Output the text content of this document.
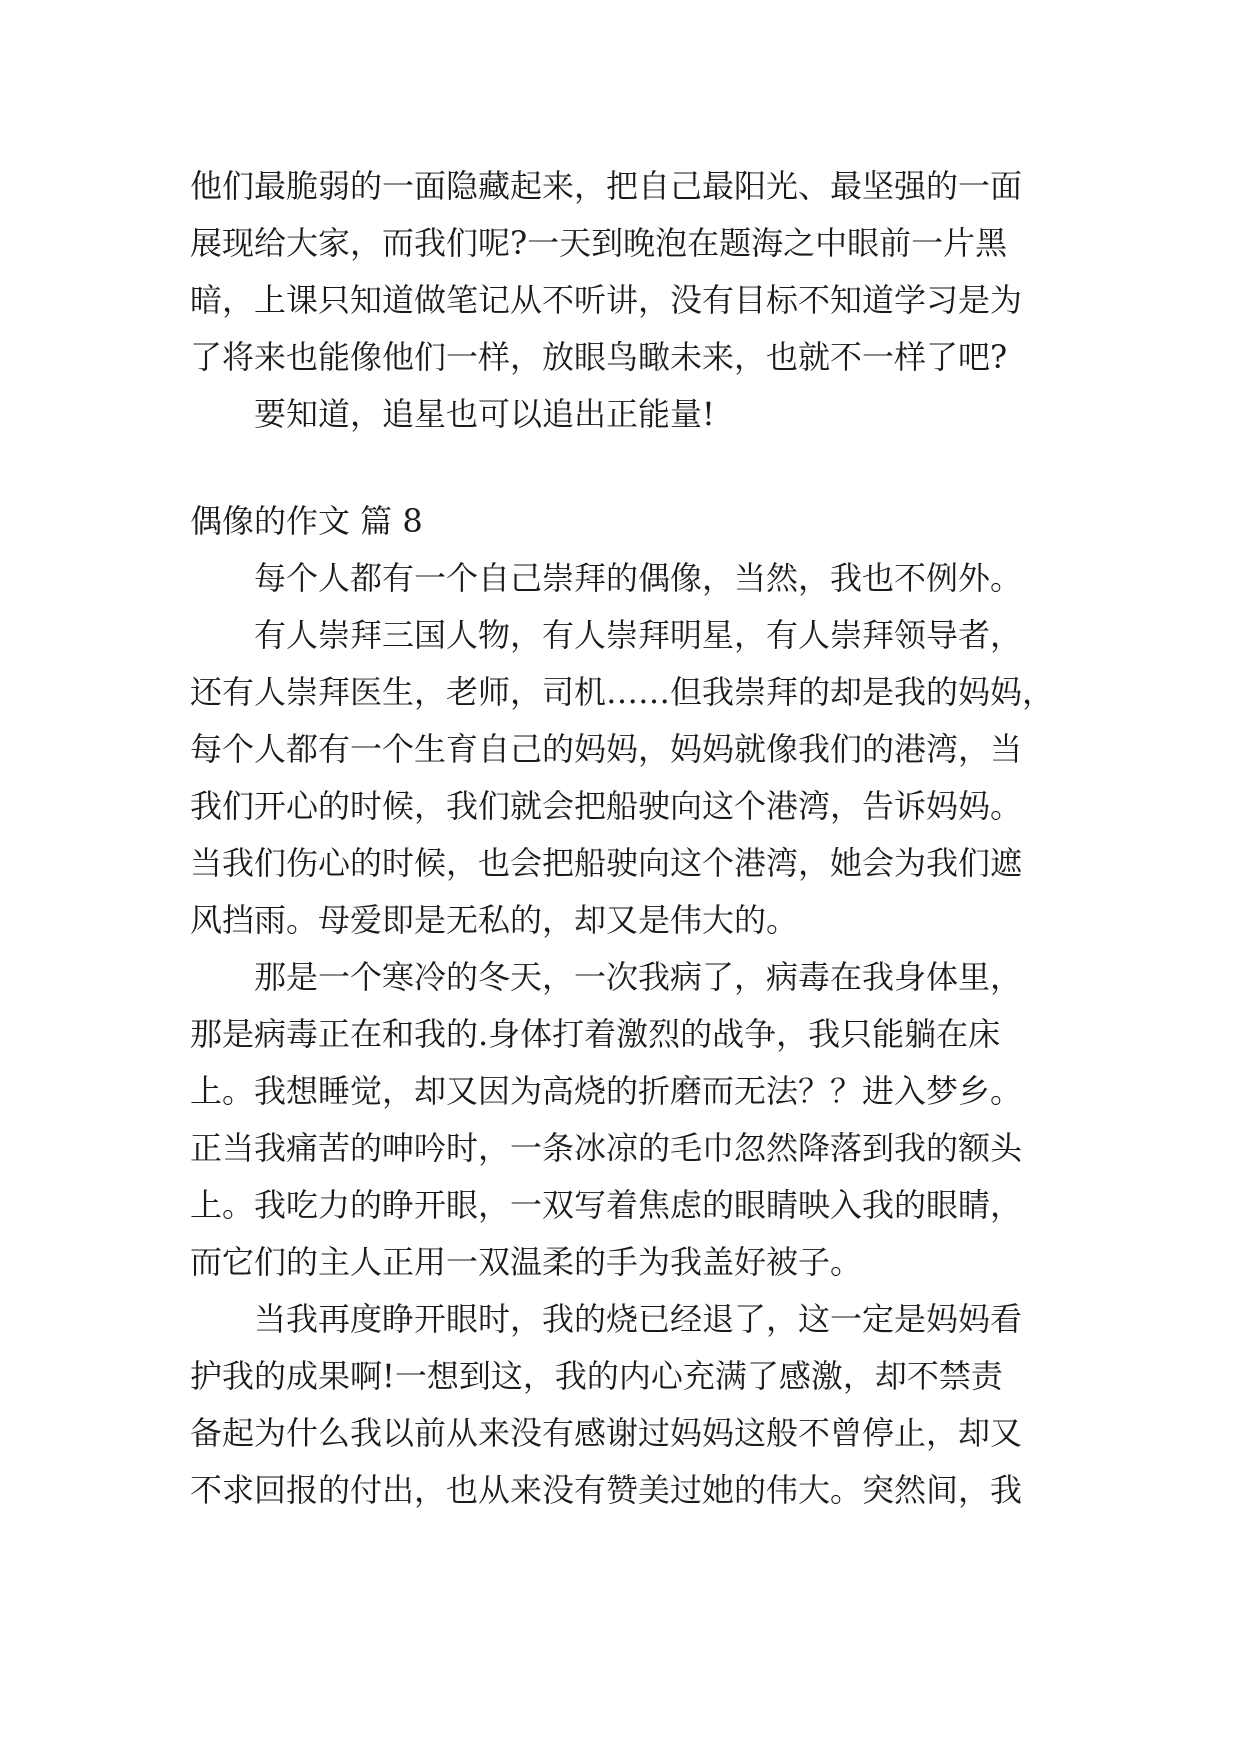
他们最脆弱的一面隐藏起来，把自己最阳光、最坚强的一面
展现给大家，而我们呢?一天到晚泡在题海之中眼前一片黑
暗，上课只知道做笔记从不听讲，没有目标不知道学习是为
了将来也能像他们一样，放眼鸟瞰未来，也就不一样了吧?
要知道，追星也可以追出正能量!
偶像的作文 篇 8
每个人都有一个自己崇拜的偶像，当然，我也不例外。
有人崇拜三国人物，有人崇拜明星，有人崇拜领导者，
还有人崇拜医生，老师，司机……但我崇拜的却是我的妈妈，
每个人都有一个生育自己的妈妈，妈妈就像我们的港湾，当
我们开心的时候，我们就会把船驶向这个港湾，告诉妈妈。
当我们伤心的时候，也会把船驶向这个港湾，她会为我们遮
风挡雨。母爱即是无私的，却又是伟大的。
那是一个寒冷的冬天，一次我病了，病毒在我身体里，
那是病毒正在和我的.身体打着激烈的战争，我只能躺在床
上。我想睡觉，却又因为高烧的折磨而无法？？进入梦乡。
正当我痛苦的呻吟时，一条冰凉的毛巾忽然降落到我的额头
上。我吃力的睁开眼，一双写着焦虑的眼睛映入我的眼睛，
而它们的主人正用一双温柔的手为我盖好被子。
当我再度睁开眼时，我的烧已经退了，这一定是妈妈看
护我的成果啊!一想到这，我的内心充满了感激，却不禁责
备起为什么我以前从来没有感谢过妈妈这般不曾停止，却又
不求回报的付出，也从来没有赞美过她的伟大。突然间，我
